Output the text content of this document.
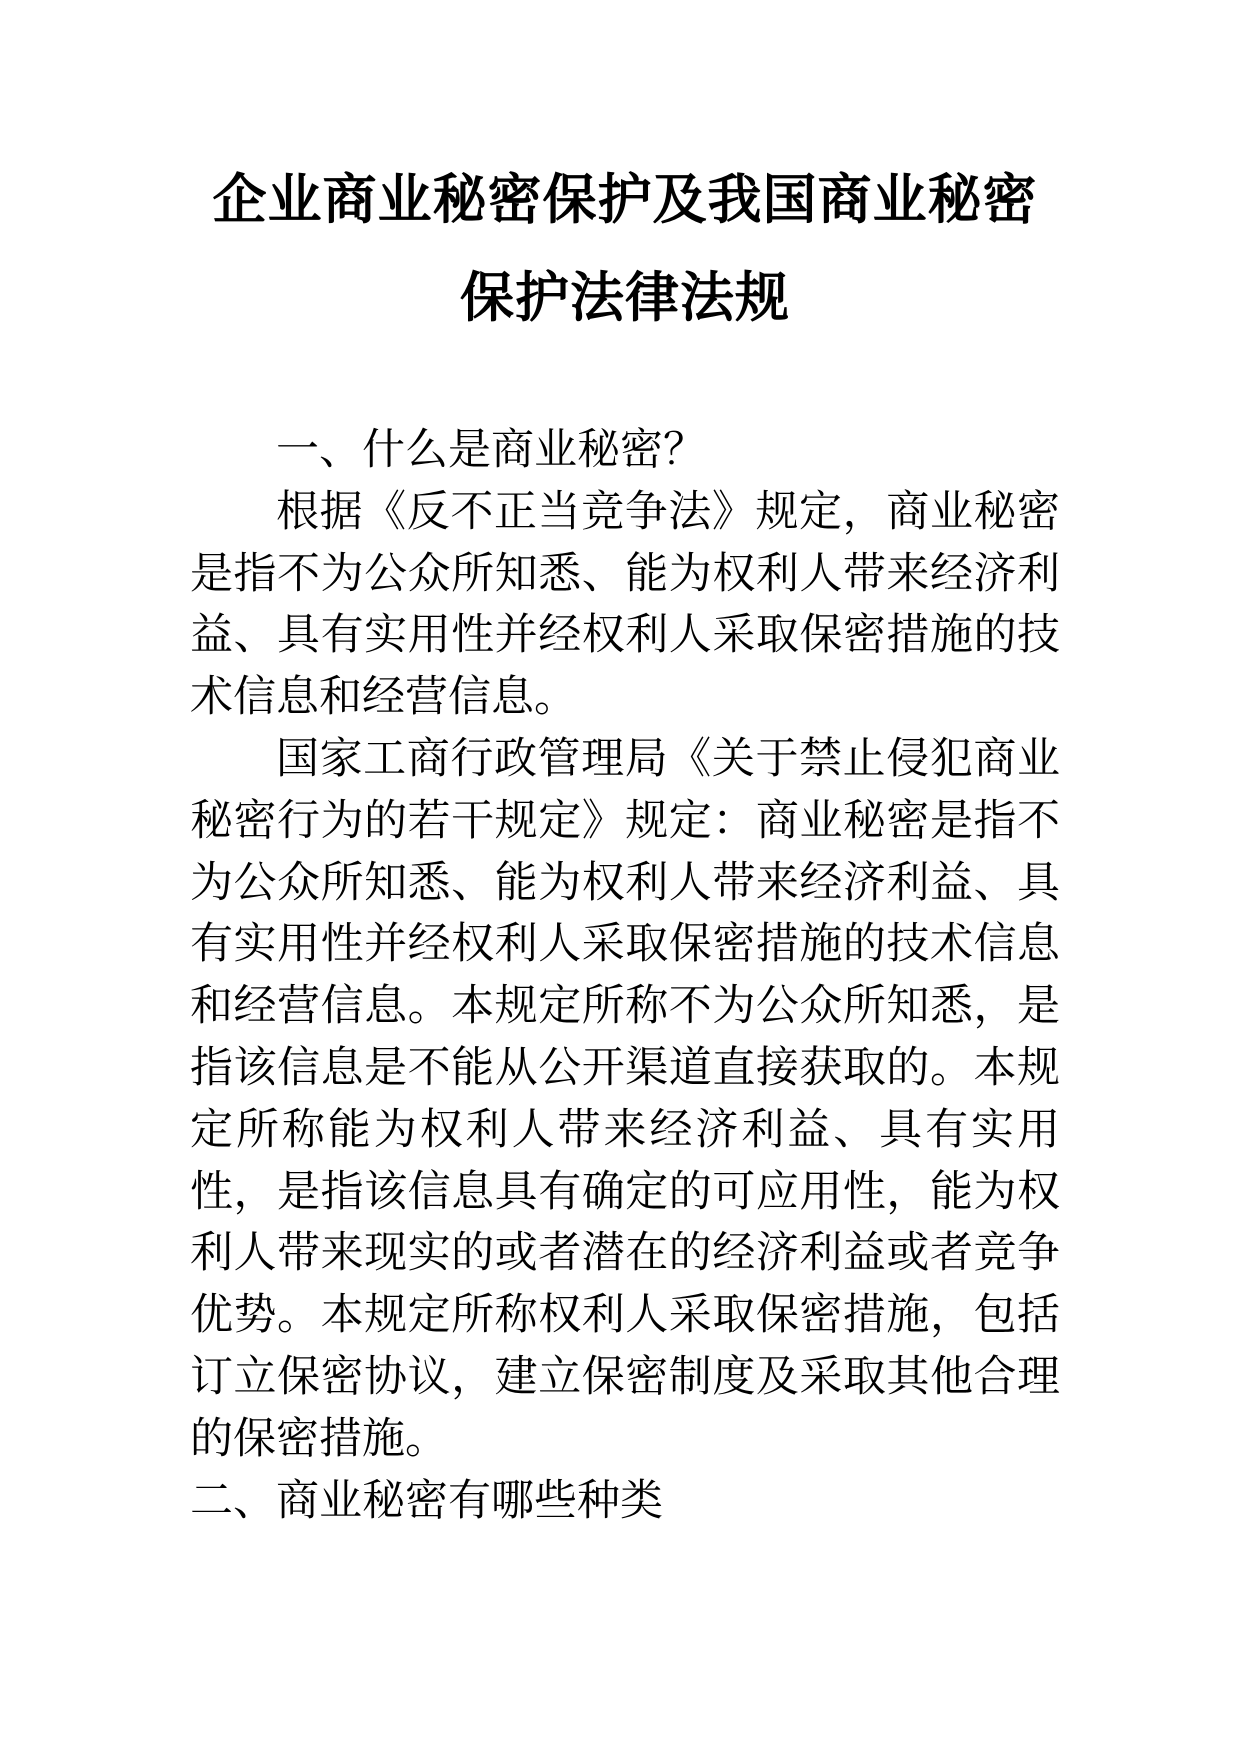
企业商业秘密保护及我国商业秘密
保护法律法规

一、什么是商业秘密？

根据《反不正当竞争法》规定，商业秘密是指不为公众所知悉、能为权利人带来经济利益、具有实用性并经权利人采取保密措施的技术信息和经营信息。

国家工商行政管理局《关于禁止侵犯商业秘密行为的若干规定》规定：商业秘密是指不为公众所知悉、能为权利人带来经济利益、具有实用性并经权利人采取保密措施的技术信息和经营信息。本规定所称不为公众所知悉，是指该信息是不能从公开渠道直接获取的。本规定所称能为权利人带来经济利益、具有实用性，是指该信息具有确定的可应用性，能为权利人带来现实的或者潜在的经济利益或者竞争优势。本规定所称权利人采取保密措施，包括订立保密协议，建立保密制度及采取其他合理的保密措施。

二、商业秘密有哪些种类
